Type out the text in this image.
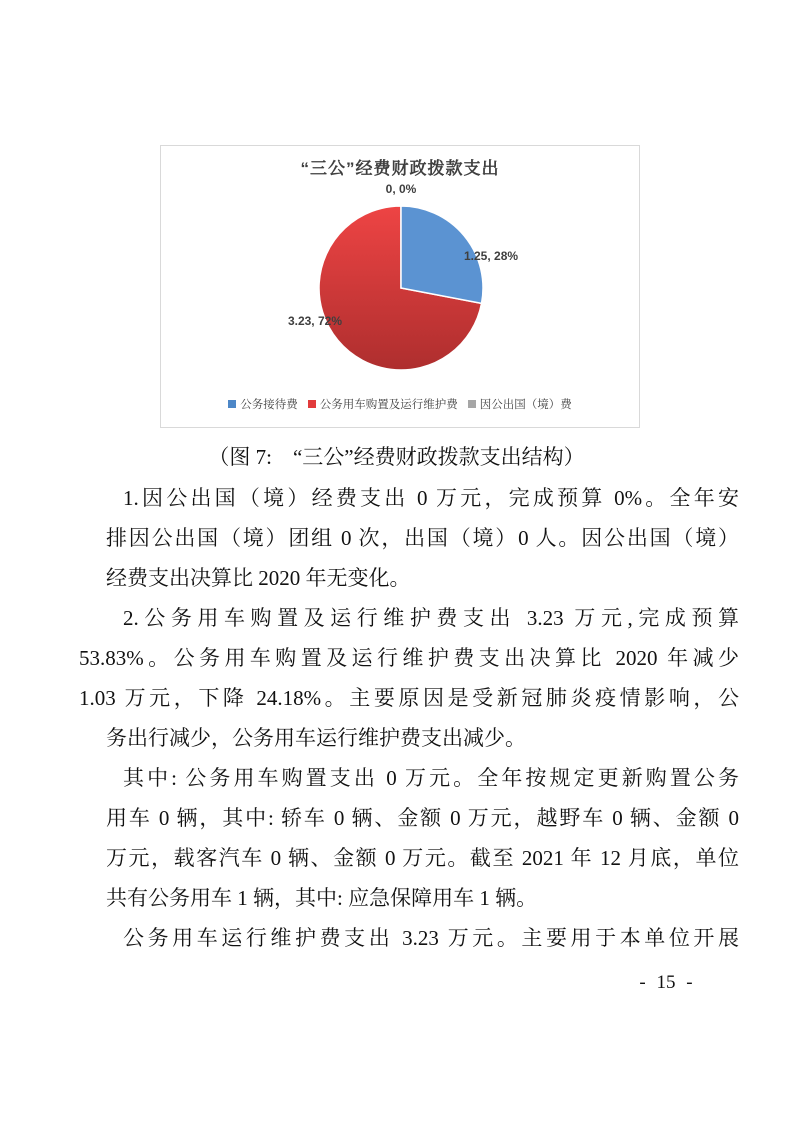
“三公”经费财政拨款支出
0, 0%
1.25, 28%
3.23, 72%
公务接待费 公务用车购置及运行维护费 因公出国（境）费
（图 7:　“三公”经费财政拨款支出结构）
1.因公出国（境）经费支出 0 万元，完成预算 0%。全年安
排因公出国（境）团组 0 次，出国（境）0 人。因公出国（境）
经费支出决算比 2020 年无变化。
2.公务用车购置及运行维护费支出 3.23 万元,完成预算
53.83%。公务用车购置及运行维护费支出决算比 2020 年减少
1.03 万元，下降 24.18%。主要原因是受新冠肺炎疫情影响，公
务出行减少，公务用车运行维护费支出减少。
其中: 公务用车购置支出 0 万元。全年按规定更新购置公务
用车 0 辆，其中: 轿车 0 辆、金额 0 万元，越野车 0 辆、金额 0
万元，载客汽车 0 辆、金额 0 万元。截至 2021 年 12 月底，单位
共有公务用车 1 辆，其中: 应急保障用车 1 辆。
公务用车运行维护费支出 3.23 万元。主要用于本单位开展
- 15 -
